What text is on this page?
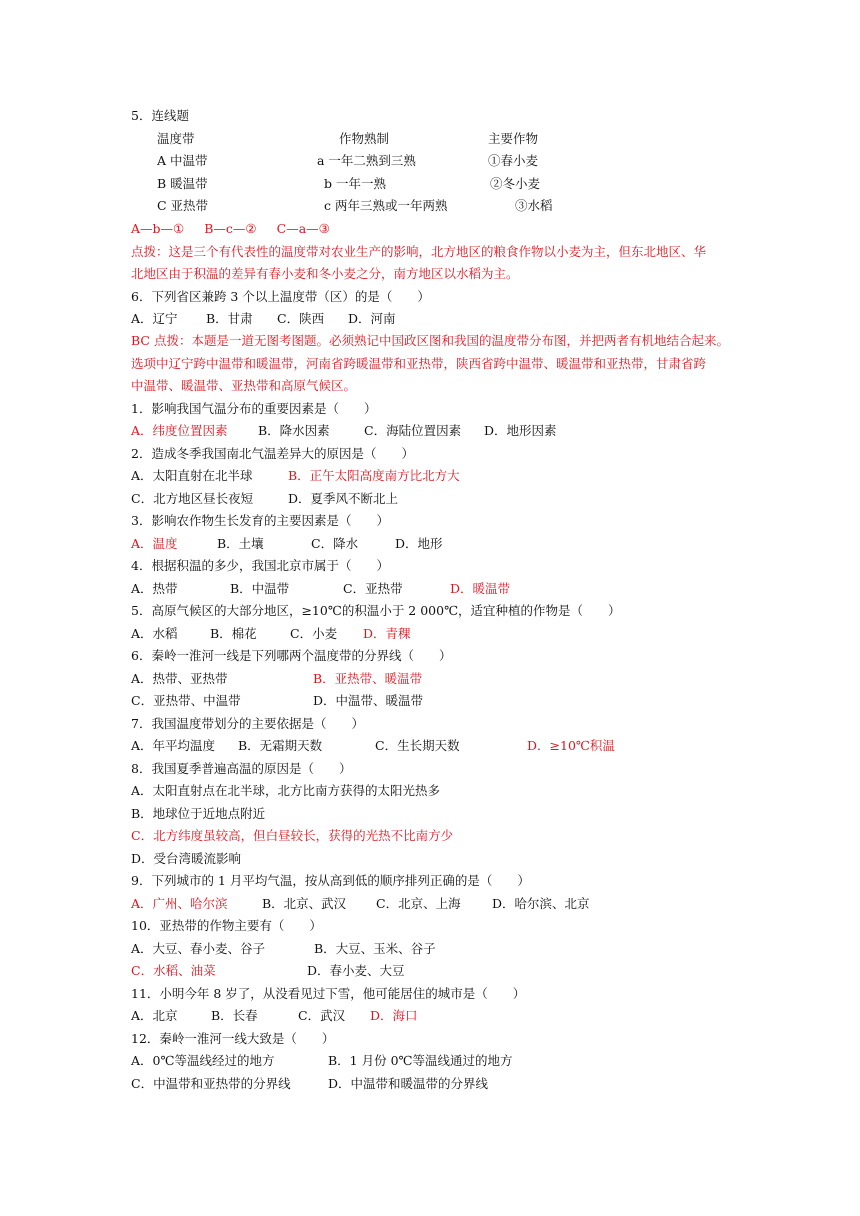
5．连线题
温度带	作物熟制	主要作物
A 中温带	a 一年二熟到三熟	①春小麦
B 暖温带	b 一年一熟	②冬小麦
C 亚热带	c 两年三熟或一年两熟	③水稻
A—b—① B—c—② C—a—③
点拨：这是三个有代表性的温度带对农业生产的影响，北方地区的粮食作物以小麦为主，但东北地区、华
北地区由于积温的差异有春小麦和冬小麦之分，南方地区以水稻为主。
6．下列省区兼跨 3 个以上温度带（区）的是（　　）
A．辽宁 B．甘肃 C．陕西 D．河南
BC 点拨：本题是一道无图考图题。必须熟记中国政区图和我国的温度带分布图，并把两者有机地结合起来。
选项中辽宁跨中温带和暖温带，河南省跨暖温带和亚热带，陕西省跨中温带、暖温带和亚热带，甘肃省跨
中温带、暖温带、亚热带和高原气候区。
1．影响我国气温分布的重要因素是（　　）
A．纬度位置因素 B．降水因素	C．海陆位置因素 D．地形因素
2．造成冬季我国南北气温差异大的原因是（　　）
A．太阳直射在北半球	B．正午太阳高度南方比北方大
C．北方地区昼长夜短	D．夏季风不断北上
3．影响农作物生长发育的主要因素是（　　）
A．温度	B．土壤	C．降水	D．地形
4．根据积温的多少，我国北京市属于（　　）
A．热带	B．中温带	C．亚热带	D．暖温带
5．高原气候区的大部分地区，≥10℃的积温小于 2 000℃，适宜种植的作物是（　　）
A．水稻	B．棉花	C．小麦 D．青稞
6．秦岭一淮河一线是下列哪两个温度带的分界线（　　）
A．热带、亚热带	B．亚热带、暖温带
C．亚热带、中温带	D．中温带、暖温带
7．我国温度带划分的主要依据是（　　）
A．年平均温度 B．无霜期天数	C．生长期天数	D．≥10℃积温
8．我国夏季普遍高温的原因是（　　）
A．太阳直射点在北半球，北方比南方获得的太阳光热多
B．地球位于近地点附近
C．北方纬度虽较高，但白昼较长，获得的光热不比南方少
D．受台湾暖流影响
9．下列城市的 1 月平均气温，按从高到低的顺序排列正确的是（　　）
A．广州、哈尔滨	B．北京、武汉 C．北京、上海	D．哈尔滨、北京
10．亚热带的作物主要有（　　）
A．大豆、春小麦、谷子	B．大豆、玉米、谷子
C．水稻、油菜	D．春小麦、大豆
11．小明今年 8 岁了，从没看见过下雪，他可能居住的城市是（　　）
A．北京	B．长春	C．武汉 D．海口
12．秦岭一淮河一线大致是（　　）
A．0℃等温线经过的地方	B．1 月份 0℃等温线通过的地方
C．中温带和亚热带的分界线	D．中温带和暖温带的分界线
